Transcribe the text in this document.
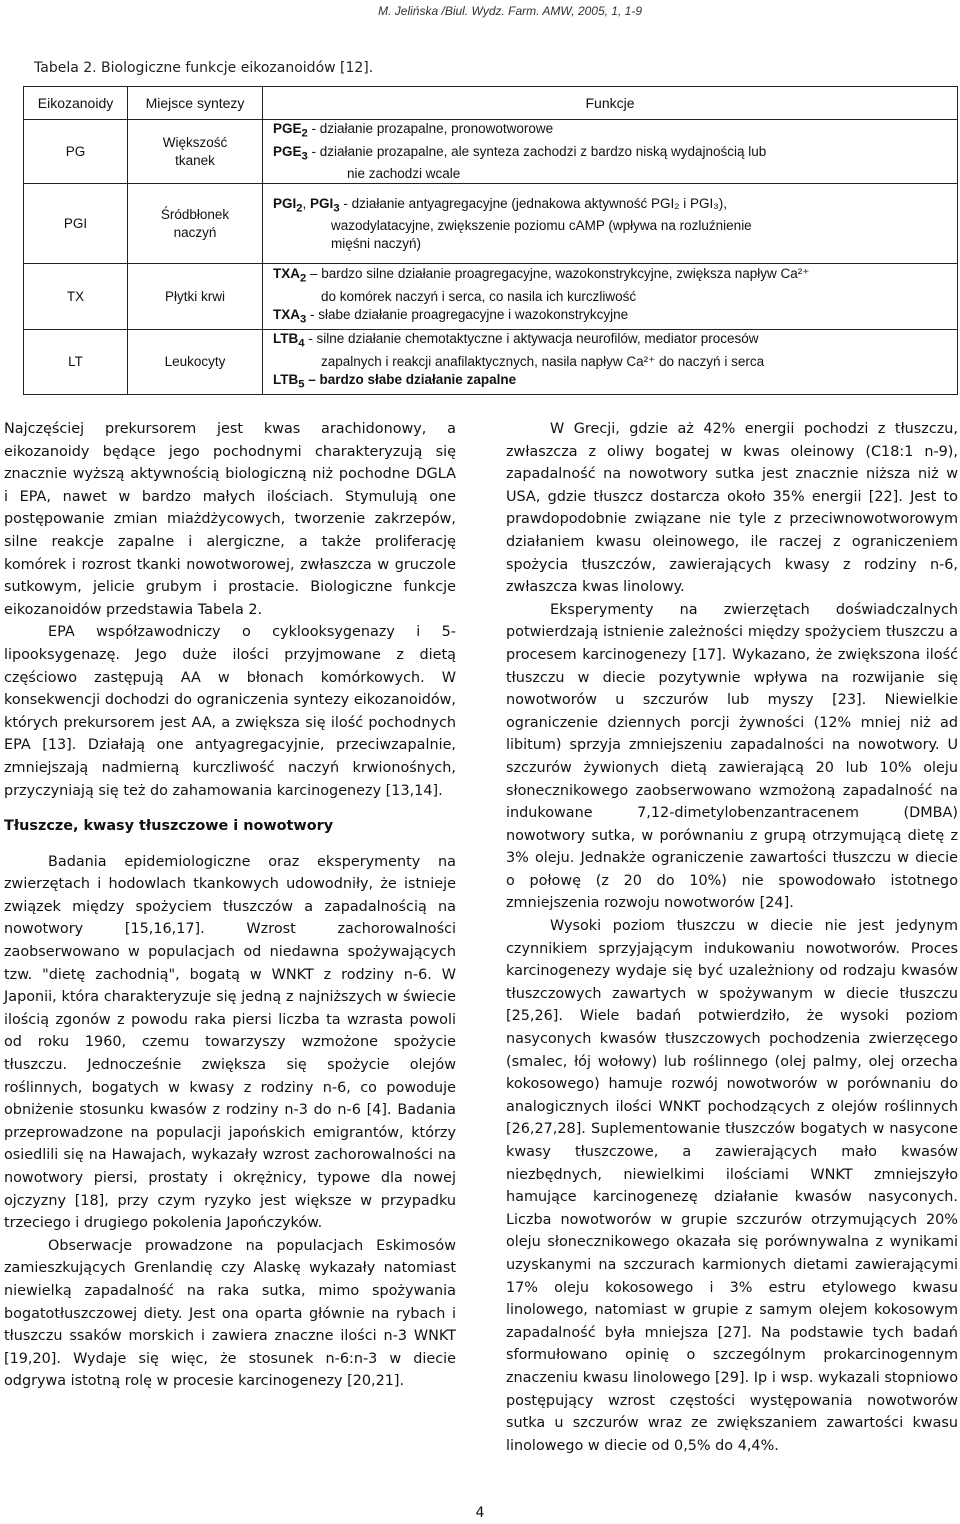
M. Jelińska /Biul. Wydz. Farm. AMW, 2005, 1, 1-9
Tabela 2. Biologiczne funkcje eikozanoidów [12].
Eikozanoidy	Miejsce syntezy	Funkcje
PG	Większość tkanek	$PGE_2$ - działanie prozapalne, pronowotworowe
$PGE_3$ - działanie prozapalne, ale synteza zachodzi z bardzo niską wydajnością lub
nie zachodzi wcale

PGI	Śródbłonek naczyń	$PGI_2$, $PGI_3$ - działanie antyagregacyjne (jednakowa aktywność PGI₂ i PGI₃),
wazodylatacyjne, zwiększenie poziomu cAMP (wpływa na rozluźnienie
mięśni naczyń)

TX	Płytki krwi	$TXA_2$ – bardzo silne działanie proagregacyjne, wazokonstrykcyjne, zwiększa napływ Ca²⁺
do komórek naczyń i serca, co nasila ich kurczliwość
$TXA_3$ - słabe działanie proagregacyjne i wazokonstrykcyjne

LT	Leukocyty	$LTB_4$ - silne działanie chemotaktyczne i aktywacja neurofilów, mediator procesów
zapalnych i reakcji anafilaktycznych, nasila napływ Ca²⁺ do naczyń i serca
$LTB_5$ – bardzo słabe działanie zapalne

Najczęściej prekursorem jest kwas arachidonowy, a eikozanoidy będące jego pochodnymi charakteryzują się znacznie wyższą aktywnością biologiczną niż pochodne DGLA i EPA, nawet w bardzo małych ilościach. Stymulują one postępowanie zmian miażdżycowych, tworzenie zakrzepów, silne reakcje zapalne i alergiczne, a także proliferację komórek i rozrost tkanki nowotworowej, zwłaszcza w gruczole sutkowym, jelicie grubym i prostacie. Biologiczne funkcje eikozanoidów przedstawia Tabela 2.

EPA współzawodniczy o cyklooksygenazy i 5-lipooksygenazę. Jego duże ilości przyjmowane z dietą częściowo zastępują AA w błonach komórkowych. W konsekwencji dochodzi do ograniczenia syntezy eikozanoidów, których prekursorem jest AA, a zwiększa się ilość pochodnych EPA [13]. Działają one antyagregacyjnie, przeciwzapalnie, zmniejszają nadmierną kurczliwość naczyń krwionośnych, przyczyniają się też do zahamowania karcinogenezy [13,14].

Tłuszcze, kwasy tłuszczowe i nowotwory

Badania epidemiologiczne oraz eksperymenty na zwierzętach i hodowlach tkankowych udowodniły, że istnieje związek między spożyciem tłuszczów a zapadalnością na nowotwory [15,16,17]. Wzrost zachorowalności zaobserwowano w populacjach od niedawna spożywających tzw. "dietę zachodnią", bogatą w WNKT z rodziny n-6. W Japonii, która charakteryzuje się jedną z najniższych w świecie ilością zgonów z powodu raka piersi liczba ta wzrasta powoli od roku 1960, czemu towarzyszy wzmożone spożycie tłuszczu. Jednocześnie zwiększa się spożycie olejów roślinnych, bogatych w kwasy z rodziny n-6, co powoduje obniżenie stosunku kwasów z rodziny n-3 do n-6 [4]. Badania przeprowadzone na populacji japońskich emigrantów, którzy osiedlili się na Hawajach, wykazały wzrost zachorowalności na nowotwory piersi, prostaty i okrężnicy, typowe dla nowej ojczyzny [18], przy czym ryzyko jest większe w przypadku trzeciego i drugiego pokolenia Japończyków.

Obserwacje prowadzone na populacjach Eskimosów zamieszkujących Grenlandię czy Alaskę wykazały natomiast niewielką zapadalność na raka sutka, mimo spożywania bogatotłuszczowej diety. Jest ona oparta głównie na rybach i tłuszczu ssaków morskich i zawiera znaczne ilości n-3 WNKT [19,20]. Wydaje się więc, że stosunek n-6:n-3 w diecie odgrywa istotną rolę w procesie karcinogenezy [20,21].

W Grecji, gdzie aż 42% energii pochodzi z tłuszczu, zwłaszcza z oliwy bogatej w kwas oleinowy (C18:1 n-9), zapadalność na nowotwory sutka jest znacznie niższa niż w USA, gdzie tłuszcz dostarcza około 35% energii [22]. Jest to prawdopodobnie związane nie tyle z przeciwnowotworowym działaniem kwasu oleinowego, ile raczej z ograniczeniem spożycia tłuszczów, zawierających kwasy z rodziny n-6, zwłaszcza kwas linolowy.

Eksperymenty na zwierzętach doświadczalnych potwierdzają istnienie zależności między spożyciem tłuszczu a procesem karcinogenezy [17]. Wykazano, że zwiększona ilość tłuszczu w diecie pozytywnie wpływa na rozwijanie się nowotworów u szczurów lub myszy [23]. Niewielkie ograniczenie dziennych porcji żywności (12% mniej niż ad libitum) sprzyja zmniejszeniu zapadalności na nowotwory. U szczurów żywionych dietą zawierającą 20 lub 10% oleju słonecznikowego zaobserwowano wzmożoną zapadalność na indukowane 7,12-dimetylobenzantracenem (DMBA) nowotwory sutka, w porównaniu z grupą otrzymującą dietę z 3% oleju. Jednakże ograniczenie zawartości tłuszczu w diecie o połowę (z 20 do 10%) nie spowodowało istotnego zmniejszenia rozwoju nowotworów [24].

Wysoki poziom tłuszczu w diecie nie jest jedynym czynnikiem sprzyjającym indukowaniu nowotworów. Proces karcinogenezy wydaje się być uzależniony od rodzaju kwasów tłuszczowych zawartych w spożywanym w diecie tłuszczu [25,26]. Wiele badań potwierdziło, że wysoki poziom nasyconych kwasów tłuszczowych pochodzenia zwierzęcego (smalec, łój wołowy) lub roślinnego (olej palmy, olej orzecha kokosowego) hamuje rozwój nowotworów w porównaniu do analogicznych ilości WNKT pochodzących z olejów roślinnych [26,27,28]. Suplementowanie tłuszczów bogatych w nasycone kwasy tłuszczowe, a zawierających mało kwasów niezbędnych, niewielkimi ilościami WNKT zmniejszyło hamujące karcinogenezę działanie kwasów nasyconych. Liczba nowotworów w grupie szczurów otrzymujących 20% oleju słonecznikowego okazała się porównywalna z wynikami uzyskanymi na szczurach karmionych dietami zawierającymi 17% oleju kokosowego i 3% estru etylowego kwasu linolowego, natomiast w grupie z samym olejem kokosowym zapadalność była mniejsza [27]. Na podstawie tych badań sformułowano opinię o szczególnym prokarcinogennym znaczeniu kwasu linolowego [29]. Ip i wsp. wykazali stopniowo postępujący wzrost częstości występowania nowotworów sutka u szczurów wraz ze zwiększaniem zawartości kwasu linolowego w diecie od 0,5% do 4,4%.

4
